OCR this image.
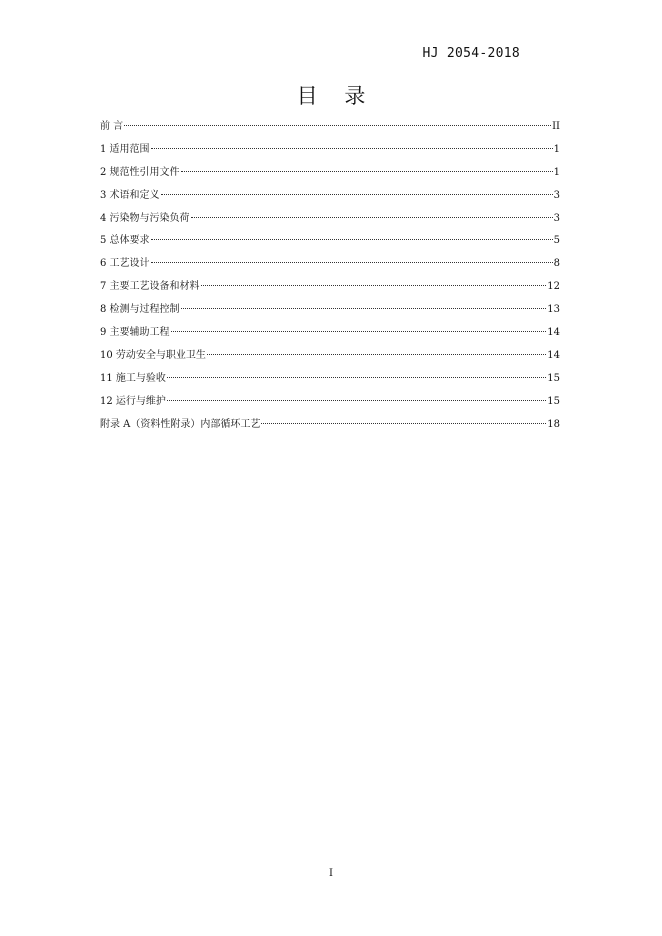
HJ 2054-2018
目 录
前 言	II
1 适用范围	1
2 规范性引用文件	1
3 术语和定义	3
4 污染物与污染负荷	3
5 总体要求	5
6 工艺设计	8
7 主要工艺设备和材料	12
8 检测与过程控制	13
9 主要辅助工程	14
10 劳动安全与职业卫生	14
11 施工与验收	15
12 运行与维护	15
附录 A（资料性附录）内部循环工艺	18
I
